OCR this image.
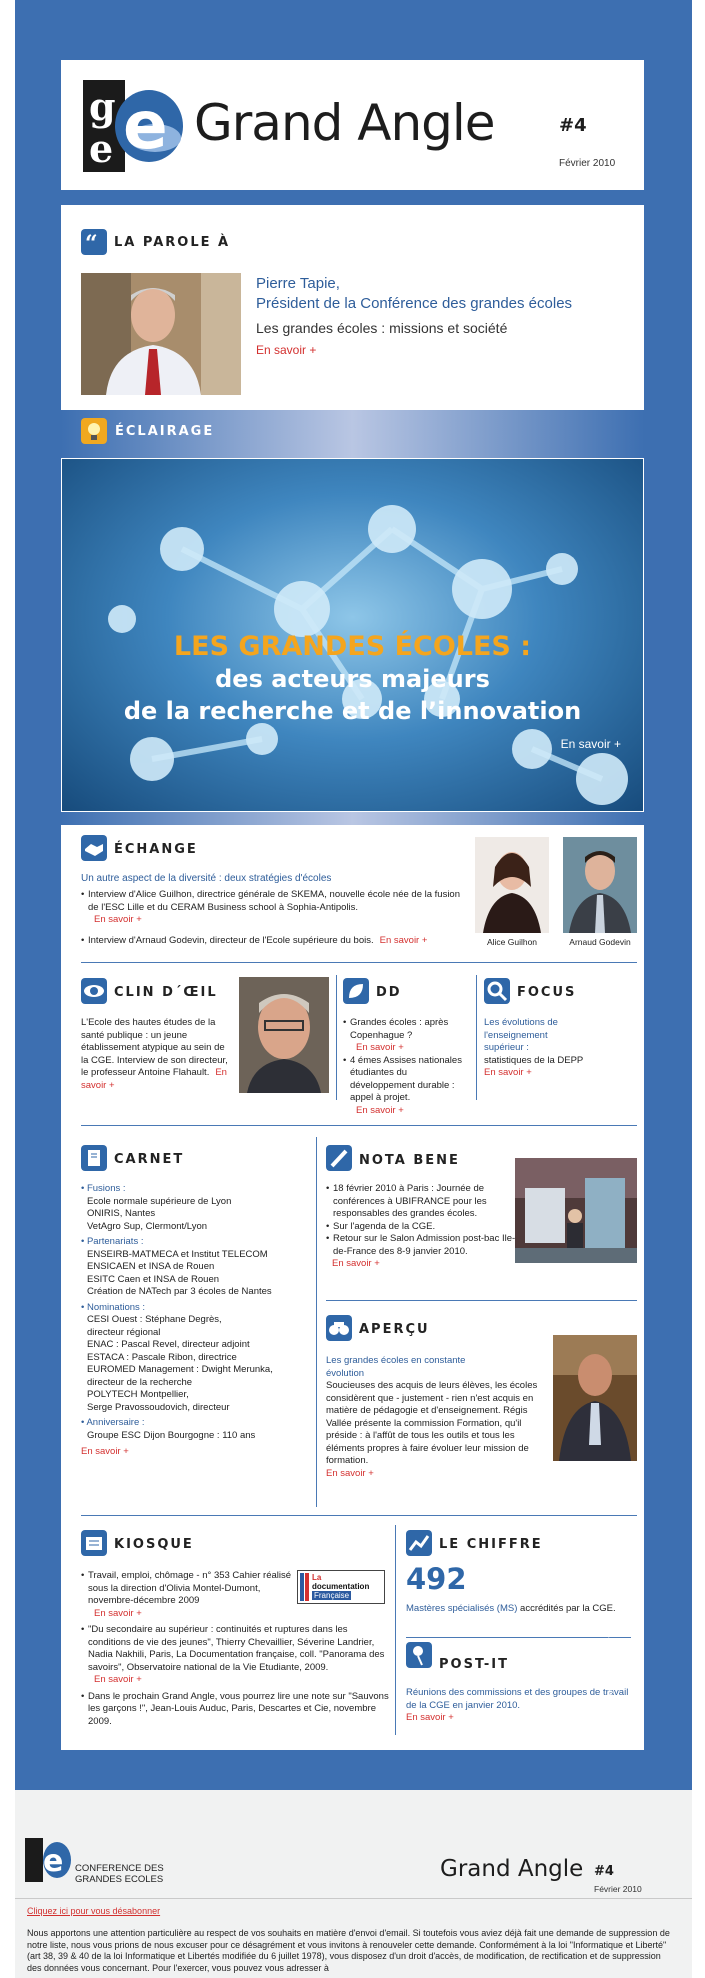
g
e e Grand Angle	#4
Février 2010
“ LA PAROLE À
Pierre Tapie,
Président de la Conférence des grandes écoles
Les grandes écoles : missions et société
En savoir +
ÉCLAIRAGE
LES GRANDES ÉCOLES :
des acteurs majeurs
de la recherche et de l’innovation
En savoir +
ÉCHANGE
Un autre aspect de la diversité : deux stratégies d'écoles
• Interview d'Alice Guilhon, directrice générale de SKEMA, nouvelle école née de la fusion de l'ESC Lille et du CERAM Business school à Sophia-Antipolis.
En savoir +
• Interview d'Arnaud Godevin, directeur de l'Ecole supérieure du bois. En savoir +	Alice Guilhon	Arnaud Godevin
CLIN D´ŒIL
L'Ecole des hautes études de la santé publique : un jeune établissement atypique au sein de la CGE. Interview de son directeur, le professeur Antoine Flahault. En savoir +
DD
• Grandes écoles : après Copenhague ?
En savoir +
• 4 émes Assises nationales étudiantes du développement durable : appel à projet.
En savoir +
FOCUS
Les évolutions de l'enseignement supérieur :
statistiques de la DEPP
En savoir +
CARNET
• Fusions :
Ecole normale supérieure de Lyon
ONIRIS, Nantes
VetAgro Sup, Clermont/Lyon
• Partenariats :
ENSEIRB-MATMECA et Institut TELECOM
ENSICAEN et INSA de Rouen
ESITC Caen et INSA de Rouen
Création de NATech par 3 écoles de Nantes
• Nominations :
CESI Ouest : Stéphane Degrès,
directeur régional
ENAC : Pascal Revel, directeur adjoint
ESTACA : Pascale Ribon, directrice
EUROMED Management : Dwight Merunka,
directeur de la recherche
POLYTECH Montpellier,
Serge Pravossoudovich, directeur
• Anniversaire :
Groupe ESC Dijon Bourgogne : 110 ans
En savoir +
NOTA BENE
• 18 février 2010 à Paris : Journée de conférences à UBIFRANCE pour les responsables des grandes écoles.
• Sur l'agenda de la CGE.
• Retour sur le Salon Admission post-bac Ile-de-France des 8-9 janvier 2010.
En savoir +
APERÇU
Les grandes écoles en constante évolution
Soucieuses des acquis de leurs élèves, les écoles considèrent que - justement - rien n'est acquis en matière de pédagogie et d'enseignement. Régis Vallée présente la commission Formation, qu'il préside : à l'affût de tous les outils et tous les éléments propres à faire évoluer leur mission de formation.
En savoir +
KIOSQUE
• Travail, emploi, chômage - n° 353 Cahier réalisé sous la direction d'Olivia Montel-Dumont, novembre-décembre 2009
En savoir +
• "Du secondaire au supérieur : continuités et ruptures dans les conditions de vie des jeunes", Thierry Chevaillier, Séverine Landrier, Nadia Nakhili, Paris, La Documentation française, coll. "Panorama des savoirs", Observatoire national de la Vie Etudiante, 2009.
En savoir +
• Dans le prochain Grand Angle, vous pourrez lire une note sur "Sauvons les garçons !", Jean-Louis Auduc, Paris, Descartes et Cie, novembre 2009.
La
documentation
Française
LE CHIFFRE
492
Mastères spécialisés (MS) accrédités par la CGE.
POST-IT
Réunions des commissions et des groupes de travail de la CGE en janvier 2010.
En savoir +
www.quatrebis.fr
e CONFERENCE DES
GRANDES ECOLES	Grand Angle #4
Février 2010
Cliquez ici pour vous désabonner
Nous apportons une attention particulière au respect de vos souhaits en matière d'envoi d'email. Si toutefois vous aviez déjà fait une demande de suppression de notre liste, nous vous prions de nous excuser pour ce désagrément et vous invitons à renouveler cette demande. Conformément à la loi "Informatique et Liberté" (art 38, 39 & 40 de la loi Informatique et Libertés modifiée du 6 juillet 1978), vous disposez d'un droit d'accès, de modification, de rectification et de suppression des données vous concernant. Pour l'exercer, vous pouvez vous adresser à
